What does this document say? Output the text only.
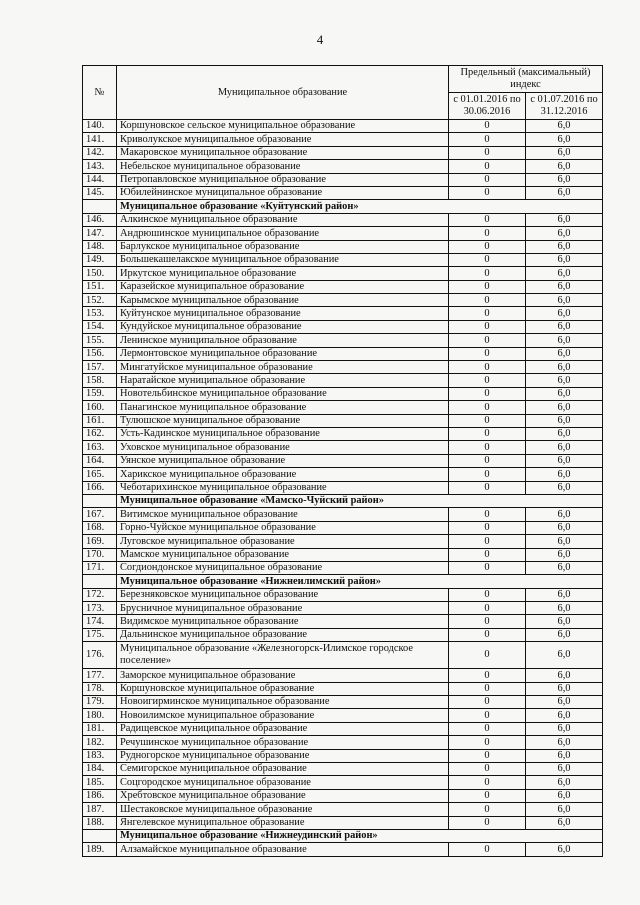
4
№	Муниципальное образование	Предельный (максимальный) индекс	
		с 01.01.2016 по 30.06.2016	с 01.07.2016 по 31.12.2016
140.	Коршуновское сельское муниципальное образование	0	6,0
141.	Криволукское муниципальное образование	0	6,0
142.	Макаровское муниципальное образование	0	6,0
143.	Небельское муниципальное образование	0	6,0
144.	Петропавловское муниципальное образование	0	6,0
145.	Юбилейнинское муниципальное образование	0	6,0
	Муниципальное образование «Куйтунский район»		
146.	Алкинское муниципальное образование	0	6,0
147.	Андрюшинское муниципальное образование	0	6,0
148.	Барлукское муниципальное образование	0	6,0
149.	Большекашелакское муниципальное образование	0	6,0
150.	Иркутское муниципальное образование	0	6,0
151.	Каразейское муниципальное образование	0	6,0
152.	Карымское муниципальное образование	0	6,0
153.	Куйтунское муниципальное образование	0	6,0
154.	Кундуйское муниципальное образование	0	6,0
155.	Ленинское муниципальное образование	0	6,0
156.	Лермонтовское муниципальное образование	0	6,0
157.	Мингатуйское муниципальное образование	0	6,0
158.	Наратайское муниципальное образование	0	6,0
159.	Новотельбинское муниципальное образование	0	6,0
160.	Панагинское муниципальное образование	0	6,0
161.	Тулюшское муниципальное образование	0	6,0
162.	Усть-Кадинское муниципальное образование	0	6,0
163.	Уховское муниципальное образование	0	6,0
164.	Уянское муниципальное образование	0	6,0
165.	Харикское муниципальное образование	0	6,0
166.	Чеботарихинское муниципальное образование	0	6,0
	Муниципальное образование «Мамско-Чуйский район»		
167.	Витимское муниципальное образование	0	6,0
168.	Горно-Чуйское муниципальное образование	0	6,0
169.	Луговское муниципальное образование	0	6,0
170.	Мамское муниципальное образование	0	6,0
171.	Согдиондонское муниципальное образование	0	6,0
	Муниципальное образование «Нижнеилимский район»		
172.	Березняковское муниципальное образование	0	6,0
173.	Брусничное муниципальное образование	0	6,0
174.	Видимское муниципальное образование	0	6,0
175.	Дальнинское муниципальное образование	0	6,0
176.	Муниципальное образование «Железногорск-Илимское городское поселение»	0	6,0
177.	Заморское муниципальное образование	0	6,0
178.	Коршуновское муниципальное образование	0	6,0
179.	Новоигирминское муниципальное образование	0	6,0
180.	Новоилимское муниципальное образование	0	6,0
181.	Радищевское муниципальное образование	0	6,0
182.	Речушинское муниципальное образование	0	6,0
183.	Рудногорское муниципальное образование	0	6,0
184.	Семигорское муниципальное образование	0	6,0
185.	Соцгородское муниципальное образование	0	6,0
186.	Хребтовское муниципальное образование	0	6,0
187.	Шестаковское муниципальное образование	0	6,0
188.	Янгелевское муниципальное образование	0	6,0
	Муниципальное образование «Нижнеудинский район»		
189.	Алзамайское муниципальное образование	0	6,0
